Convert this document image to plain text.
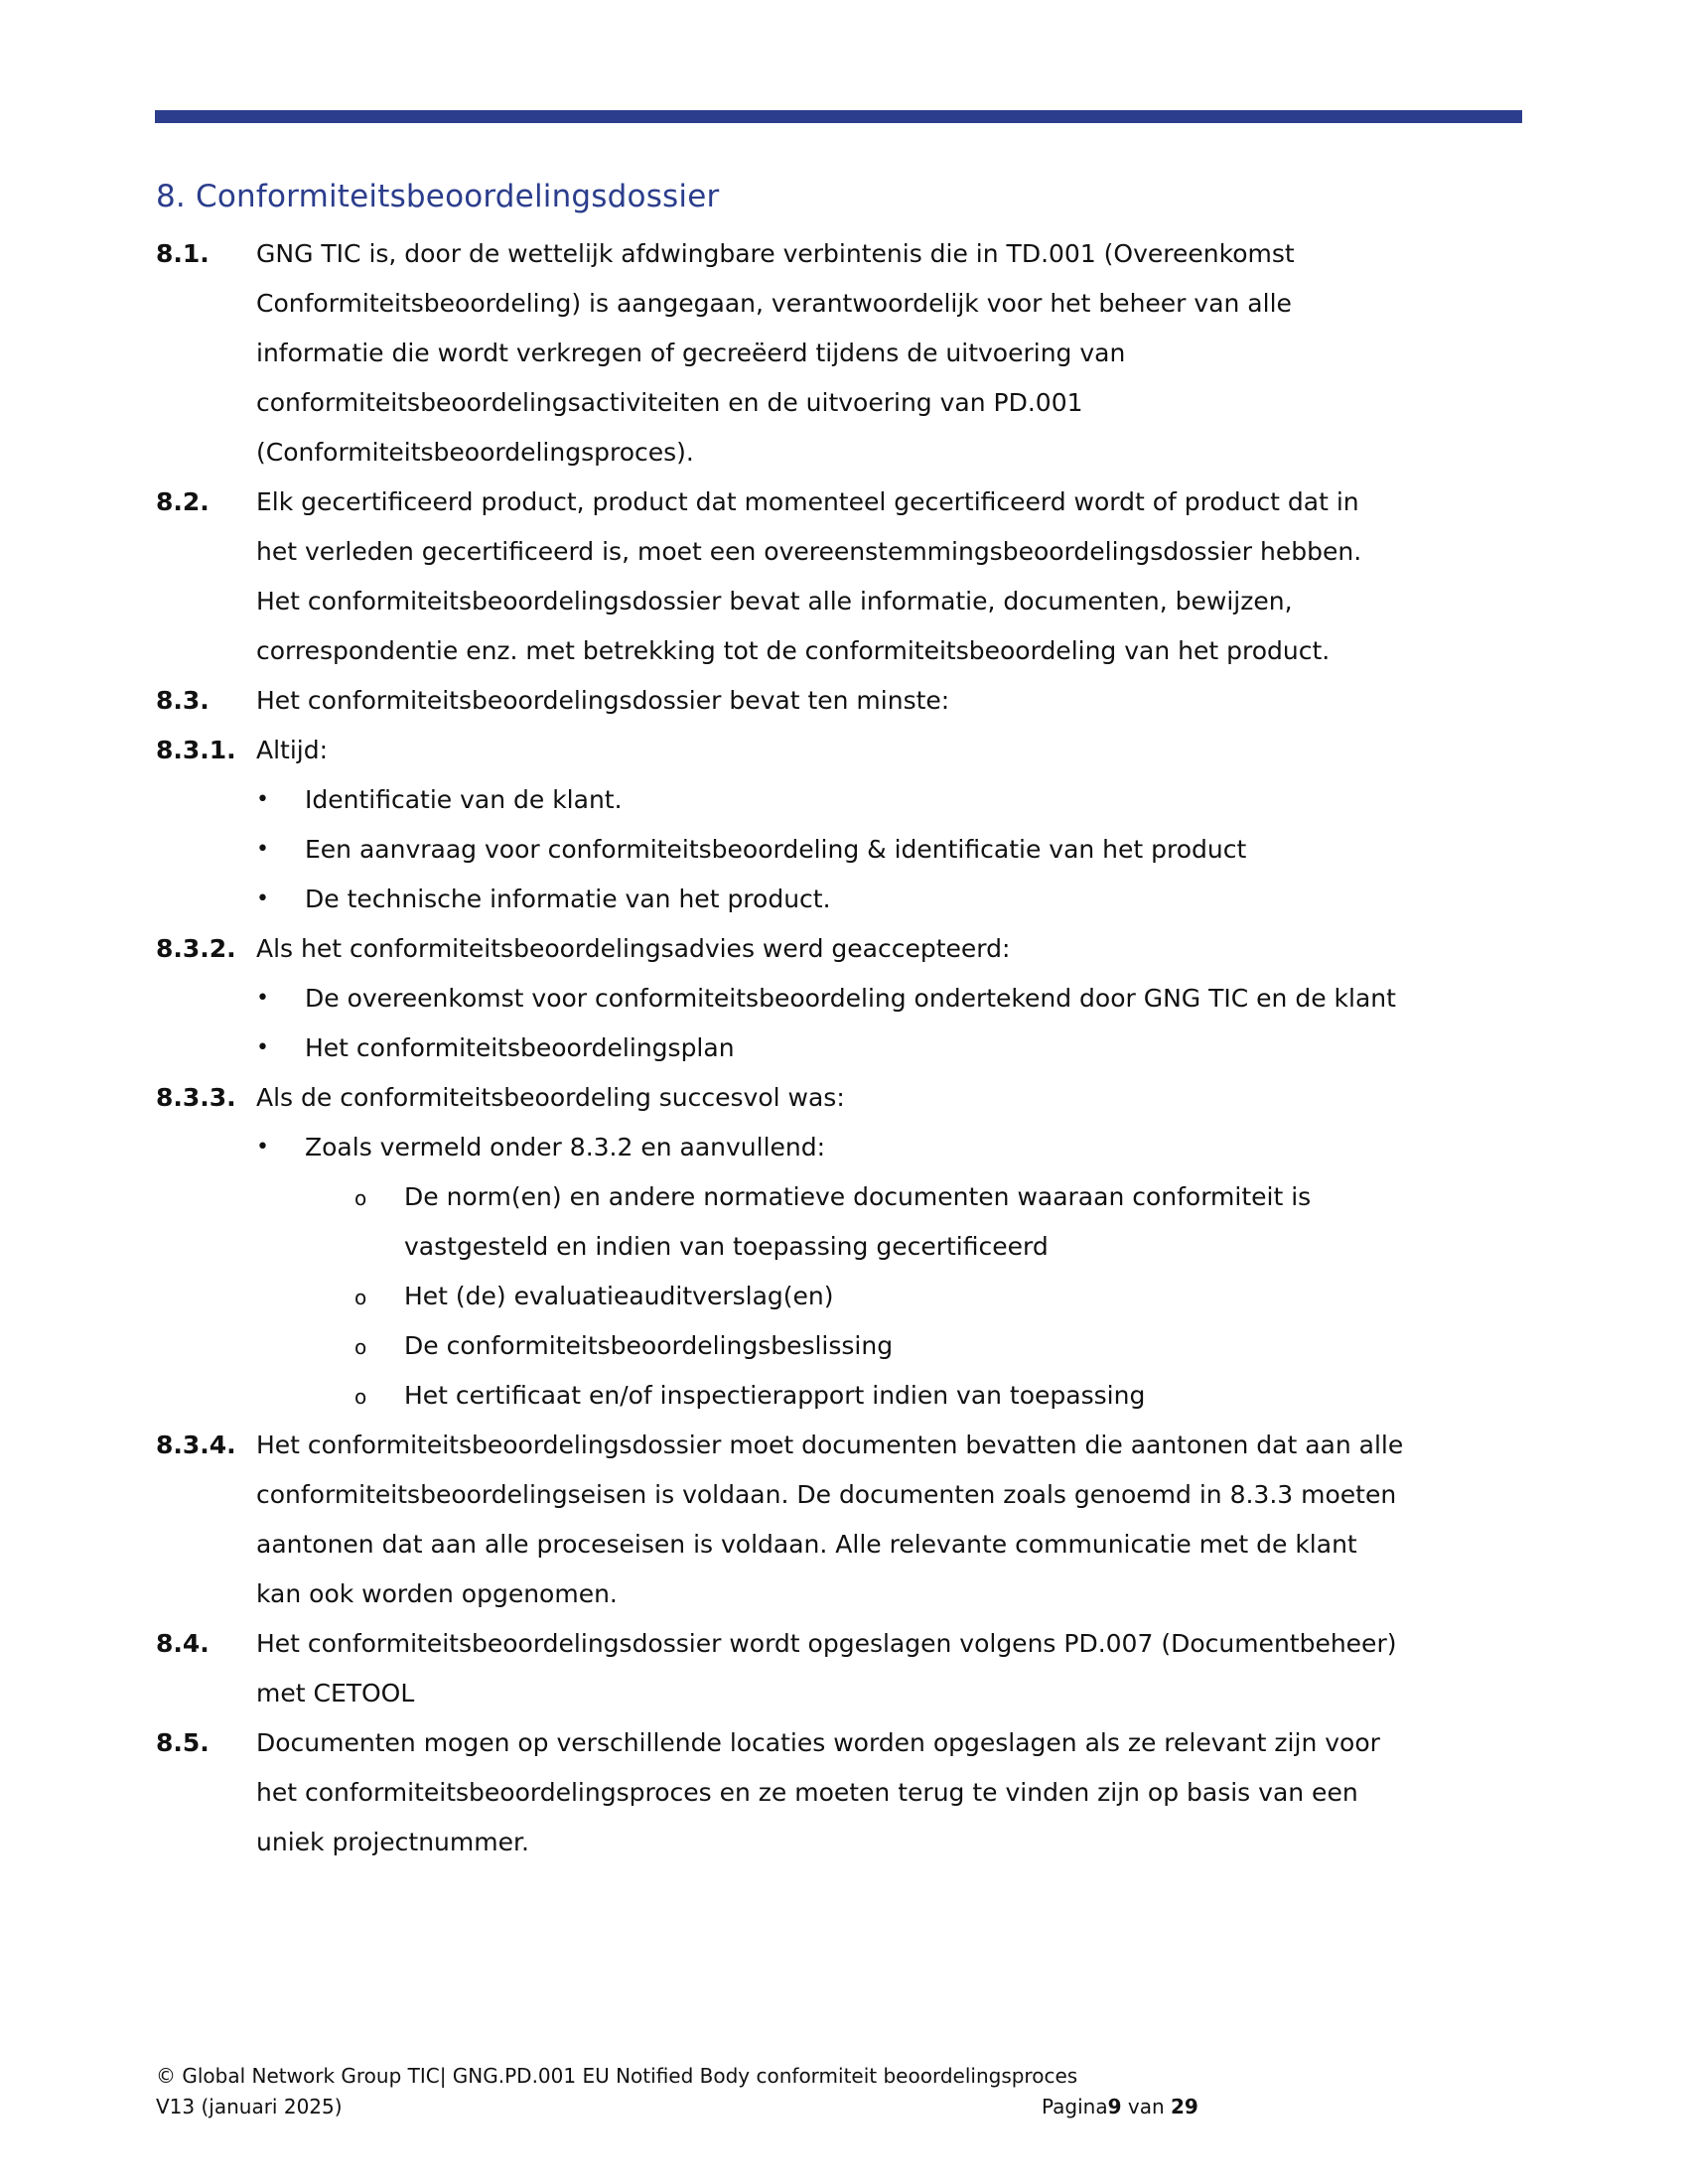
8. Conformiteitsbeoordelingsdossier
8.1. GNG TIC is, door de wettelijk afdwingbare verbintenis die in TD.001 (Overeenkomst
Conformiteitsbeoordeling) is aangegaan, verantwoordelijk voor het beheer van alle
informatie die wordt verkregen of gecreëerd tijdens de uitvoering van
conformiteitsbeoordelingsactiviteiten en de uitvoering van PD.001
(Conformiteitsbeoordelingsproces).
8.2. Elk gecertificeerd product, product dat momenteel gecertificeerd wordt of product dat in
het verleden gecertificeerd is, moet een overeenstemmingsbeoordelingsdossier hebben.
Het conformiteitsbeoordelingsdossier bevat alle informatie, documenten, bewijzen,
correspondentie enz. met betrekking tot de conformiteitsbeoordeling van het product.
8.3. Het conformiteitsbeoordelingsdossier bevat ten minste:
8.3.1. Altijd:
• Identificatie van de klant.
• Een aanvraag voor conformiteitsbeoordeling & identificatie van het product
• De technische informatie van het product.
8.3.2. Als het conformiteitsbeoordelingsadvies werd geaccepteerd:
• De overeenkomst voor conformiteitsbeoordeling ondertekend door GNG TIC en de klant
• Het conformiteitsbeoordelingsplan
8.3.3. Als de conformiteitsbeoordeling succesvol was:
• Zoals vermeld onder 8.3.2 en aanvullend:
o De norm(en) en andere normatieve documenten waaraan conformiteit is
vastgesteld en indien van toepassing gecertificeerd
o Het (de) evaluatieauditverslag(en)
o De conformiteitsbeoordelingsbeslissing
o Het certificaat en/of inspectierapport indien van toepassing
8.3.4. Het conformiteitsbeoordelingsdossier moet documenten bevatten die aantonen dat aan alle
conformiteitsbeoordelingseisen is voldaan. De documenten zoals genoemd in 8.3.3 moeten
aantonen dat aan alle proceseisen is voldaan. Alle relevante communicatie met de klant
kan ook worden opgenomen.
8.4. Het conformiteitsbeoordelingsdossier wordt opgeslagen volgens PD.007 (Documentbeheer)
met CETOOL
8.5. Documenten mogen op verschillende locaties worden opgeslagen als ze relevant zijn voor
het conformiteitsbeoordelingsproces en ze moeten terug te vinden zijn op basis van een
uniek projectnummer.
© Global Network Group TIC| GNG.PD.001 EU Notified Body conformiteit beoordelingsproces
V13 (januari 2025)	Pagina9 van 29
